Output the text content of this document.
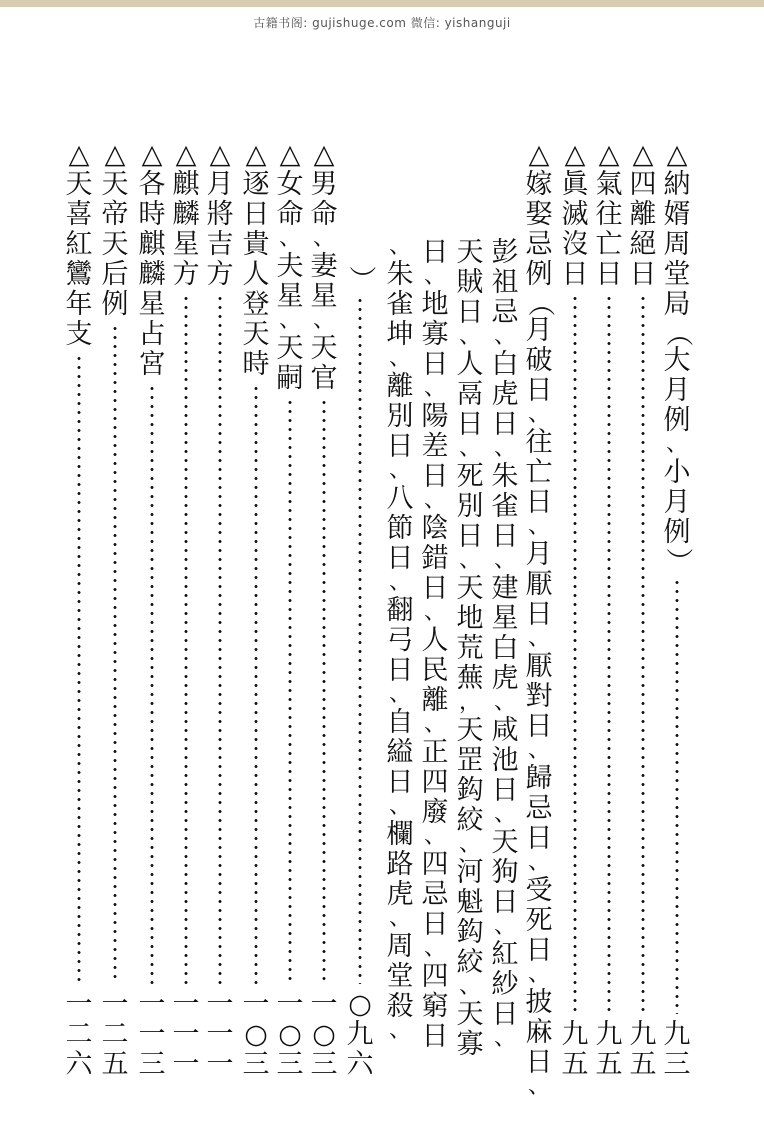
古籍书阁: gujishuge.com 微信: yishanguji
△
納
婿
周
堂
局
（
大
月
例
、
小
月
例
）
九
三
△
四
離
絕
日
九
五
△
氣
往
亡
日
九
五
△
眞
滅
沒
日
九
五
△
嫁
娶
忌
例
（
月
破
日
、
往
亡
日
、
月
厭
日
、
厭
對
日
、
歸
忌
日
、
受
死
日
、
披
麻
日
、
彭
祖
忌
、
白
虎
日
、
朱
雀
日
、
建
星
白
虎
、
咸
池
日
、
天
狗
日
、
紅
紗
日
、
天
賊
日
、
人
鬲
日
、
死
別
日
、
天
地
荒
蕪
，
天
罡
鈎
絞
、
河
魁
鈎
絞
、
天
寡
日
、
地
寡
日
、
陽
差
日
、
陰
錯
日
、
人
民
離
、
正
四
廢
、
四
忌
日
、
四
窮
日
、
朱
雀
坤
、
離
別
日
、
八
節
日
、
翻
弓
日
、
自
縊
日
、
欄
路
虎
、
周
堂
殺
、
）
○
九
六
△
男
命
、
妻
星
、
天
官
一
○
三
△
女
命
、
夫
星
、
天
嗣
一
○
三
△
逐
日
貴
人
登
天
時
一
○
三
△
月
將
吉
方
一
一
一
△
麒
麟
星
方
一
一
一
△
各
時
麒
麟
星
占
宮
一
一
三
△
天
帝
天
后
例
一
二
五
△
天
喜
紅
鸞
年
支
一
二
六
